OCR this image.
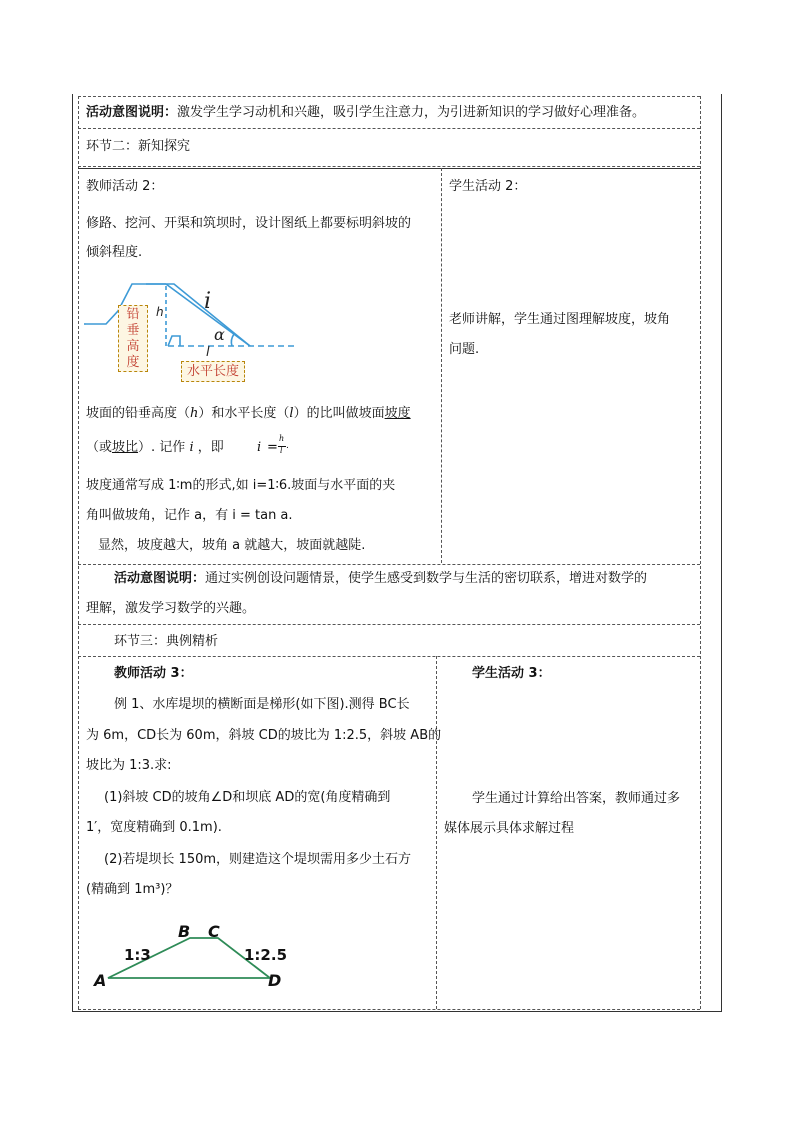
活动意图说明：激发学生学习动机和兴趣，吸引学生注意力，为引进新知识的学习做好心理准备。
环节二：新知探究
教师活动 2：
修路、挖河、开渠和筑坝时，设计图纸上都要标明斜坡的
倾斜程度.
i
h
α
l
铅
垂
高
度
水平长度
坡面的铅垂高度（h）和水平长度（l）的比叫做坡面坡度
（或坡比）. 记作 i ，即	i =
h
l .
坡度通常写成 1∶m的形式,如 i=1∶6.坡面与水平面的夹
角叫做坡角，记作 a，有 i = tan a.
显然，坡度越大，坡角 a 就越大，坡面就越陡.
学生活动 2：
老师讲解，学生通过图理解坡度，坡角
问题.
活动意图说明：通过实例创设问题情景，使学生感受到数学与生活的密切联系，增进对数学的
理解，激发学习数学的兴趣。
环节三：典例精析
教师活动 3：
例 1、水库堤坝的横断面是梯形(如下图).测得 BC长
为 6m，CD长为 60m，斜坡 CD的坡比为 1:2.5，斜坡 AB的
坡比为 1:3.求:
(1)斜坡 CD的坡角∠D和坝底 AD的宽(角度精确到
1′，宽度精确到 0.1m).
(2)若堤坝长 150m，则建造这个堤坝需用多少土石方
(精确到 1m³)？
A
B C
D
1:3	1:2.5
学生活动 3：
学生通过计算给出答案，教师通过多
媒体展示具体求解过程
